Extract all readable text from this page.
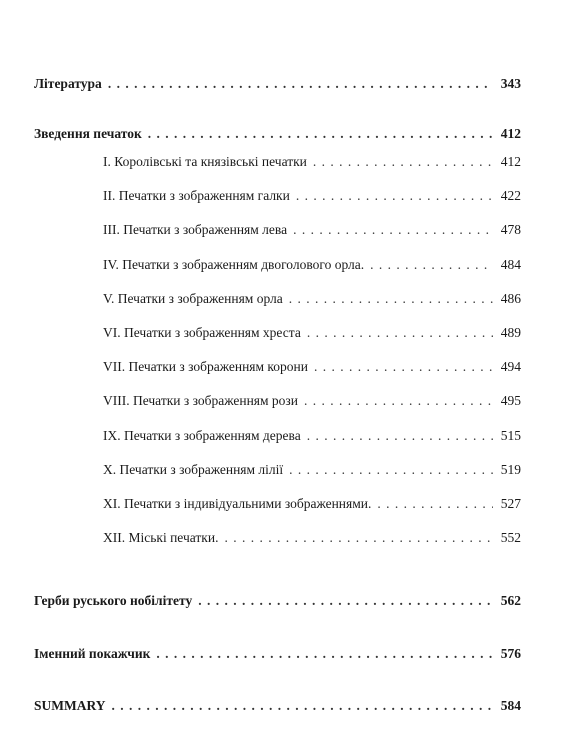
Література . . .	343
Зведення печаток . . .	412
I. Королівські та князівські печатки . . .	412
II. Печатки з зображенням галки . . .	422
III. Печатки з зображенням лева . . .	478
IV. Печатки з зображенням двоголового орла. . . .	484
V. Печатки з зображенням орла . . .	486
VI. Печатки з зображенням хреста . . .	489
VII. Печатки з зображенням корони . . .	494
VIII. Печатки з зображенням рози . . .	495
IX. Печатки з зображенням дерева . . .	515
X. Печатки з зображенням лілії . . .	519
XI. Печатки з індивідуальними зображеннями. . . .	527
XII. Міські печатки. . . .	552
Герби руського нобілітету . . .	562
Іменний покажчик . . .	576
SUMMARY . . .	584
